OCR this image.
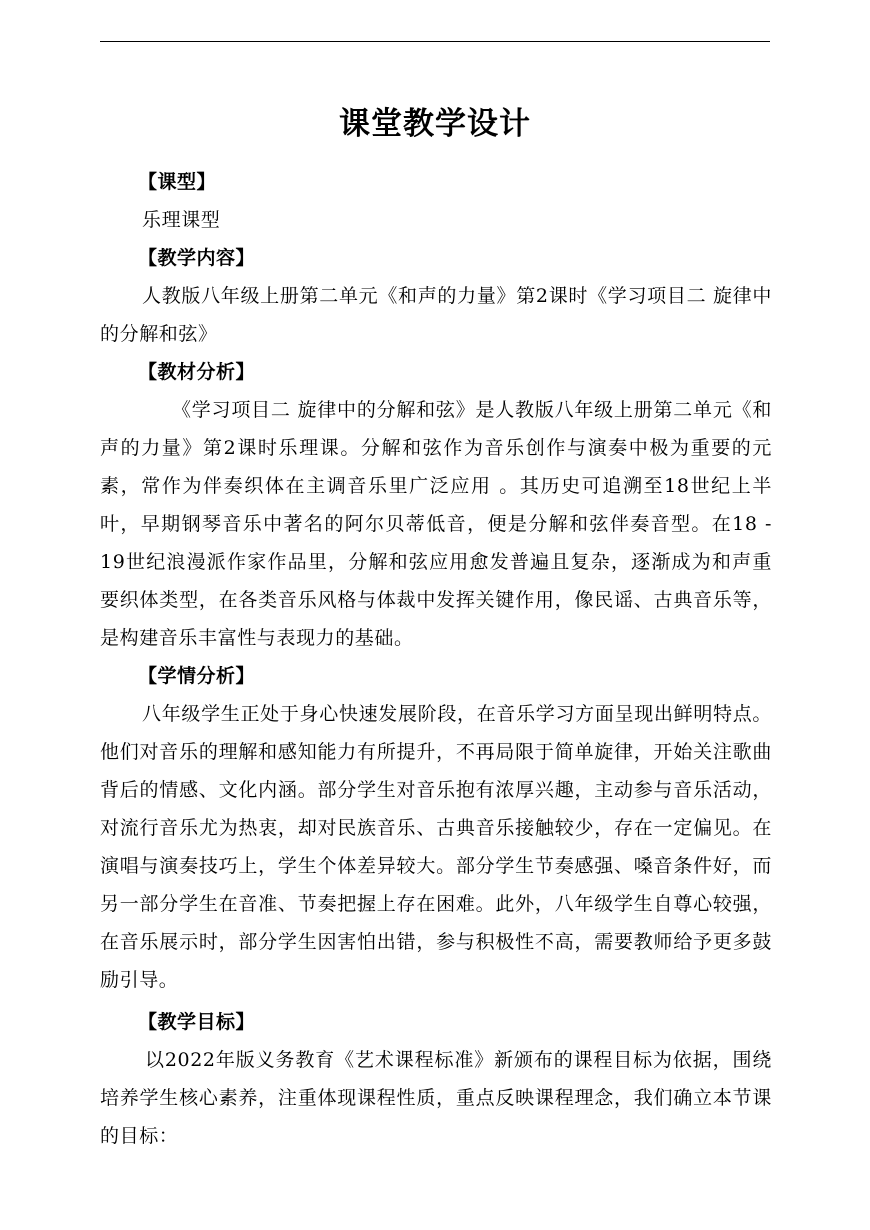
课堂教学设计

【课型】

乐理课型

【教学内容】

人教版八年级上册第二单元《和声的力量》第2课时《学习项目二 旋律中的分解和弦》

【教材分析】

《学习项目二 旋律中的分解和弦》是人教版八年级上册第二单元《和声的力量》第2课时乐理课。分解和弦作为音乐创作与演奏中极为重要的元素，常作为伴奏织体在主调音乐里广泛应用 。其历史可追溯至18世纪上半叶，早期钢琴音乐中著名的阿尔贝蒂低音，便是分解和弦伴奏音型。在18 - 19世纪浪漫派作家作品里，分解和弦应用愈发普遍且复杂，逐渐成为和声重要织体类型，在各类音乐风格与体裁中发挥关键作用，像民谣、古典音乐等，是构建音乐丰富性与表现力的基础。

【学情分析】

八年级学生正处于身心快速发展阶段，在音乐学习方面呈现出鲜明特点。他们对音乐的理解和感知能力有所提升，不再局限于简单旋律，开始关注歌曲背后的情感、文化内涵。部分学生对音乐抱有浓厚兴趣，主动参与音乐活动，对流行音乐尤为热衷，却对民族音乐、古典音乐接触较少，存在一定偏见。在演唱与演奏技巧上，学生个体差异较大。部分学生节奏感强、嗓音条件好，而另一部分学生在音准、节奏把握上存在困难。此外，八年级学生自尊心较强，在音乐展示时，部分学生因害怕出错，参与积极性不高，需要教师给予更多鼓励引导。

【教学目标】

以2022年版义务教育《艺术课程标准》新颁布的课程目标为依据，围绕培养学生核心素养，注重体现课程性质，重点反映课程理念，我们确立本节课的目标：
